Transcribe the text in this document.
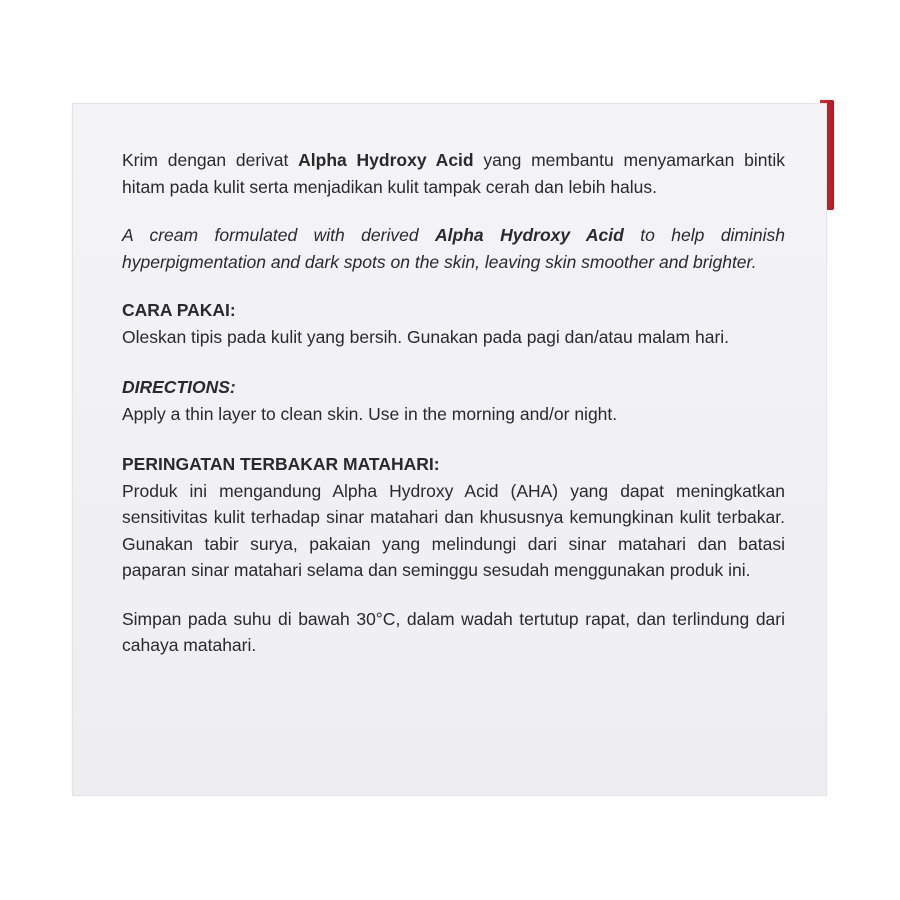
Krim dengan derivat Alpha Hydroxy Acid yang membantu menyamarkan bintik hitam pada kulit serta menjadikan kulit tampak cerah dan lebih halus.

A cream formulated with derived Alpha Hydroxy Acid to help diminish hyperpigmentation and dark spots on the skin, leaving skin smoother and brighter.

CARA PAKAI:

Oleskan tipis pada kulit yang bersih. Gunakan pada pagi dan/atau malam hari.

DIRECTIONS:

Apply a thin layer to clean skin. Use in the morning and/or night.

PERINGATAN TERBAKAR MATAHARI:

Produk ini mengandung Alpha Hydroxy Acid (AHA) yang dapat meningkatkan sensitivitas kulit terhadap sinar matahari dan khususnya kemungkinan kulit terbakar. Gunakan tabir surya, pakaian yang melindungi dari sinar matahari dan batasi paparan sinar matahari selama dan seminggu sesudah menggunakan produk ini.

Simpan pada suhu di bawah 30°C, dalam wadah tertutup rapat, dan terlindung dari cahaya matahari.
